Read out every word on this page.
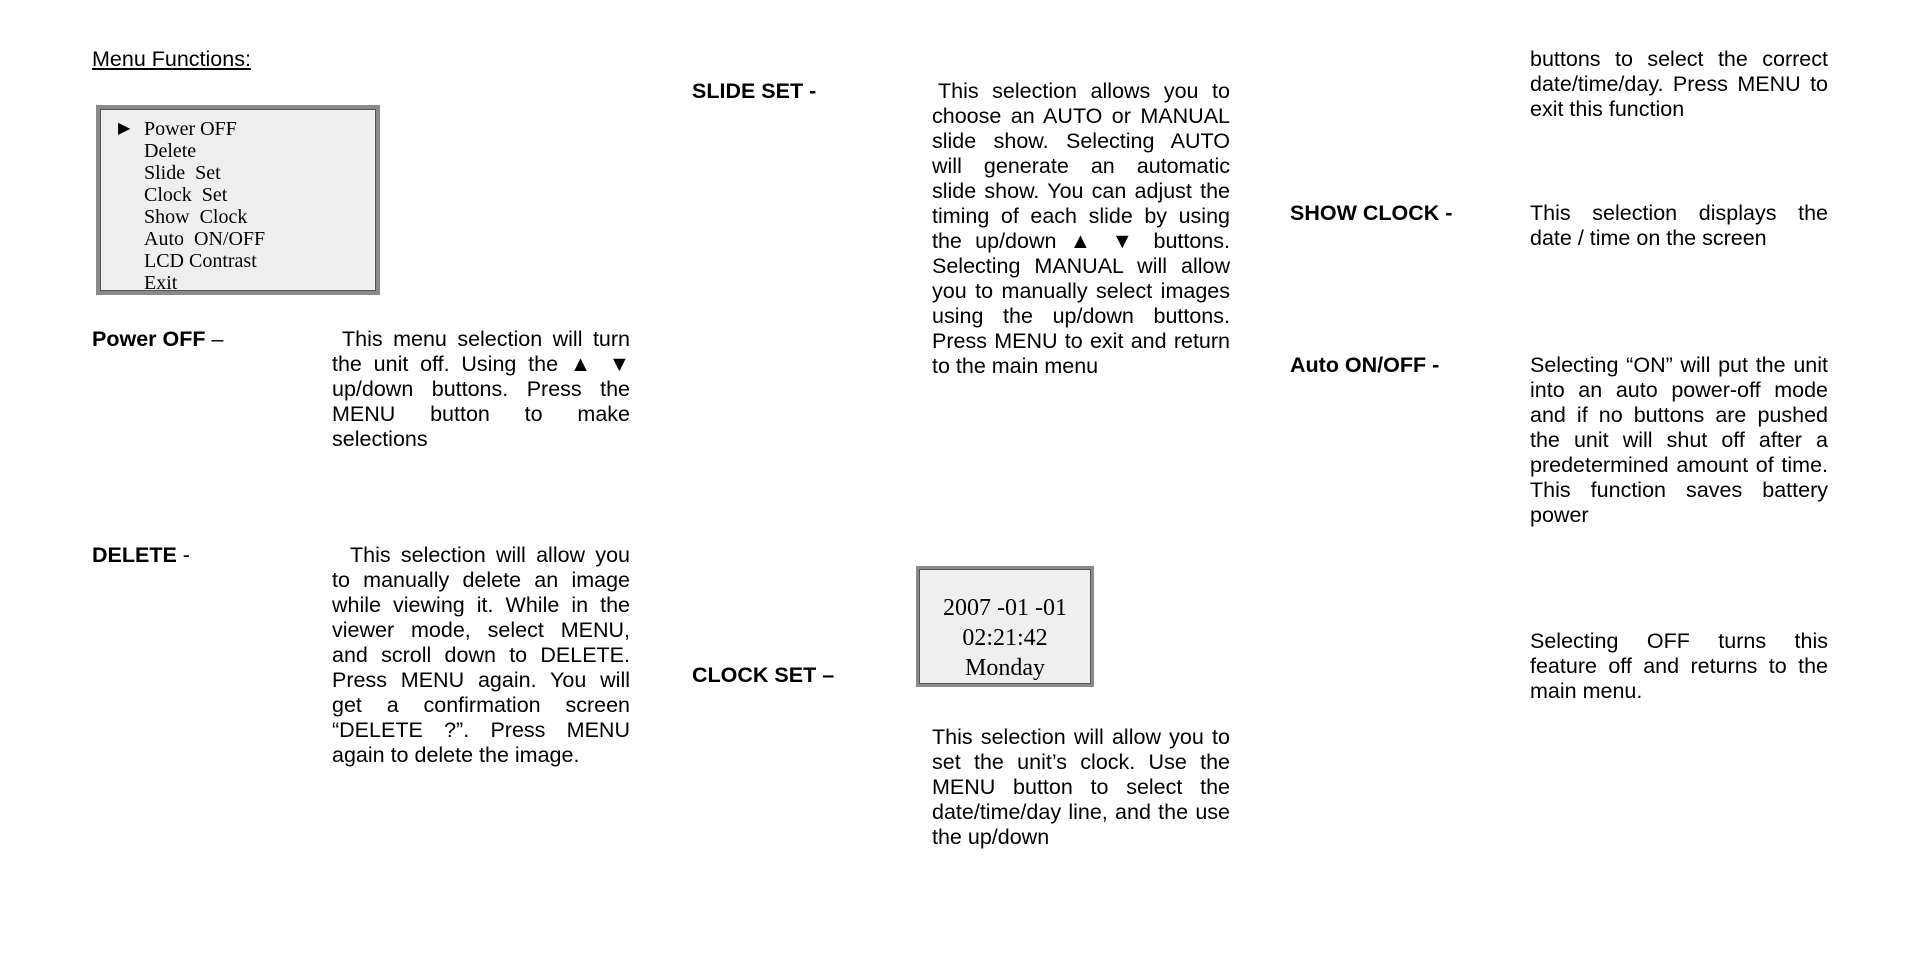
Menu Functions:
▶ Power OFF
Delete
Slide  Set
Clock  Set
Show  Clock
Auto  ON/OFF
LCD Contrast
Exit
Power OFF –	This menu selection will turn the unit off. Using the ▲ ▼ up/down buttons. Press the MENU button to make selections

DELETE -	This selection will allow you to manually delete an image while viewing it. While in the viewer mode, select MENU, and scroll down to DELETE. Press MENU again. You will get a confirmation screen “DELETE ?”. Press MENU again to delete the image.

SLIDE SET -	This selection allows you to choose an AUTO or MANUAL slide show. Selecting AUTO will generate an automatic slide show. You can adjust the timing of each slide by using the up/down ▲ ▼ buttons. Selecting MANUAL will allow you to manually select images using the up/down buttons. Press MENU to exit and return to the main menu

2007 -01 -01
02:21:42
Monday
CLOCK SET –

This selection will allow you to set the unit’s clock. Use the MENU button to select the date/time/day line, and the use the up/down

buttons to select the correct date/time/day. Press MENU to exit this function

SHOW CLOCK -	This selection displays the date / time on the screen

Auto ON/OFF -	Selecting “ON” will put the unit into an auto power-off mode and if no buttons are pushed the unit will shut off after a predetermined amount of time. This function saves battery power

Selecting OFF turns this feature off and returns to the main menu.
